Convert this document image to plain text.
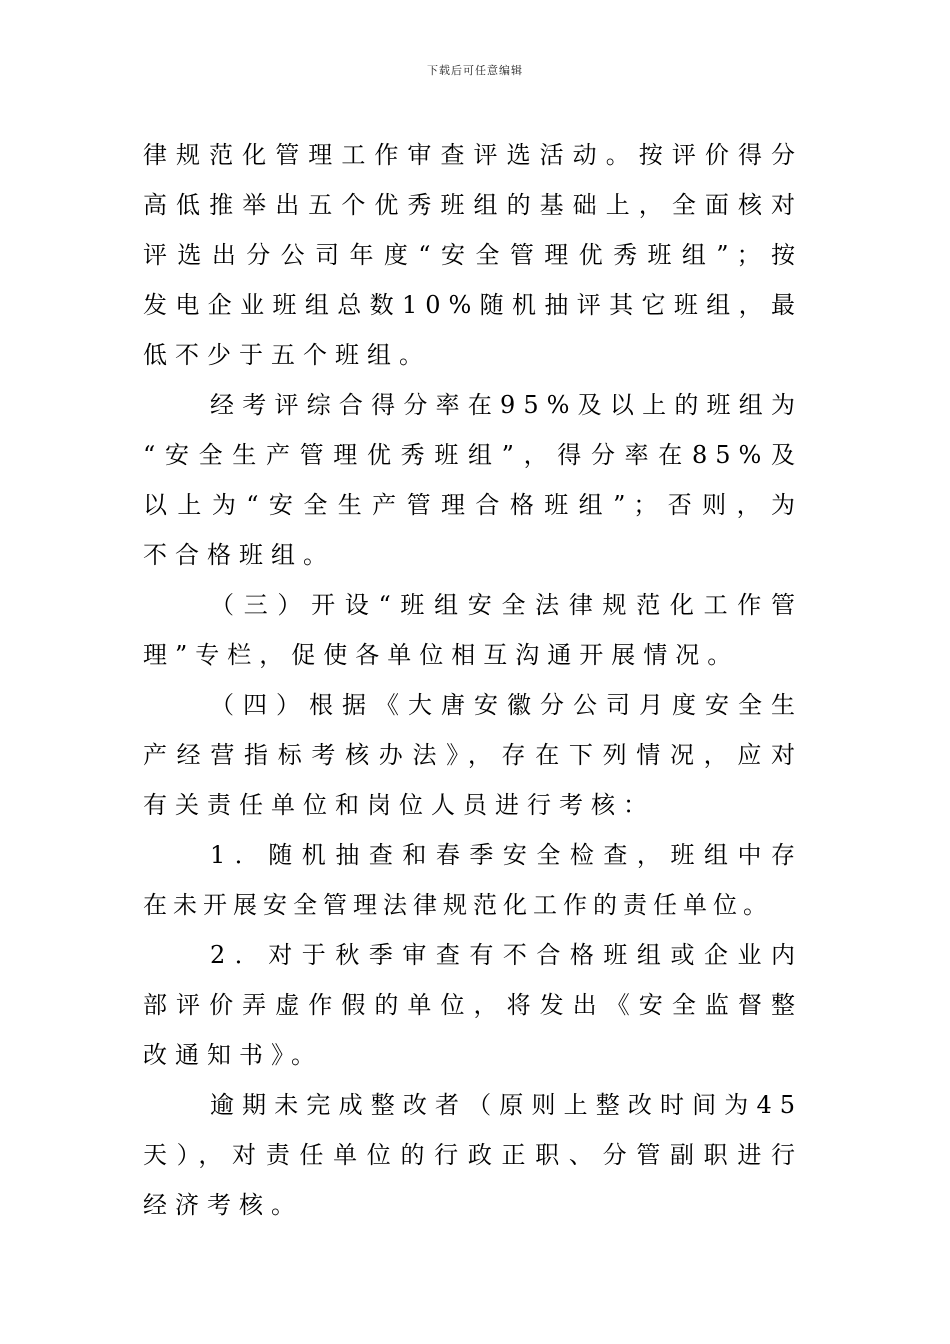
下载后可任意编辑
律规范化管理工作审查评选活动。按评价得分
高低推举出五个优秀班组的基础上，全面核对
评选出分公司年度“安全管理优秀班组”；按
发电企业班组总数10%随机抽评其它班组，最
低不少于五个班组。
经考评综合得分率在95%及以上的班组为
“安全生产管理优秀班组”，得分率在85%及
以上为“安全生产管理合格班组”；否则，为
不合格班组。
（三）开设“班组安全法律规范化工作管
理”专栏，促使各单位相互沟通开展情况。
（四）根据《大唐安徽分公司月度安全生
产经营指标考核办法》，存在下列情况，应对
有关责任单位和岗位人员进行考核：
1．随机抽查和春季安全检查，班组中存
在未开展安全管理法律规范化工作的责任单位。
2．对于秋季审查有不合格班组或企业内
部评价弄虚作假的单位，将发出《安全监督整
改通知书》。
逾期未完成整改者（原则上整改时间为45
天），对责任单位的行政正职、分管副职进行
经济考核。
